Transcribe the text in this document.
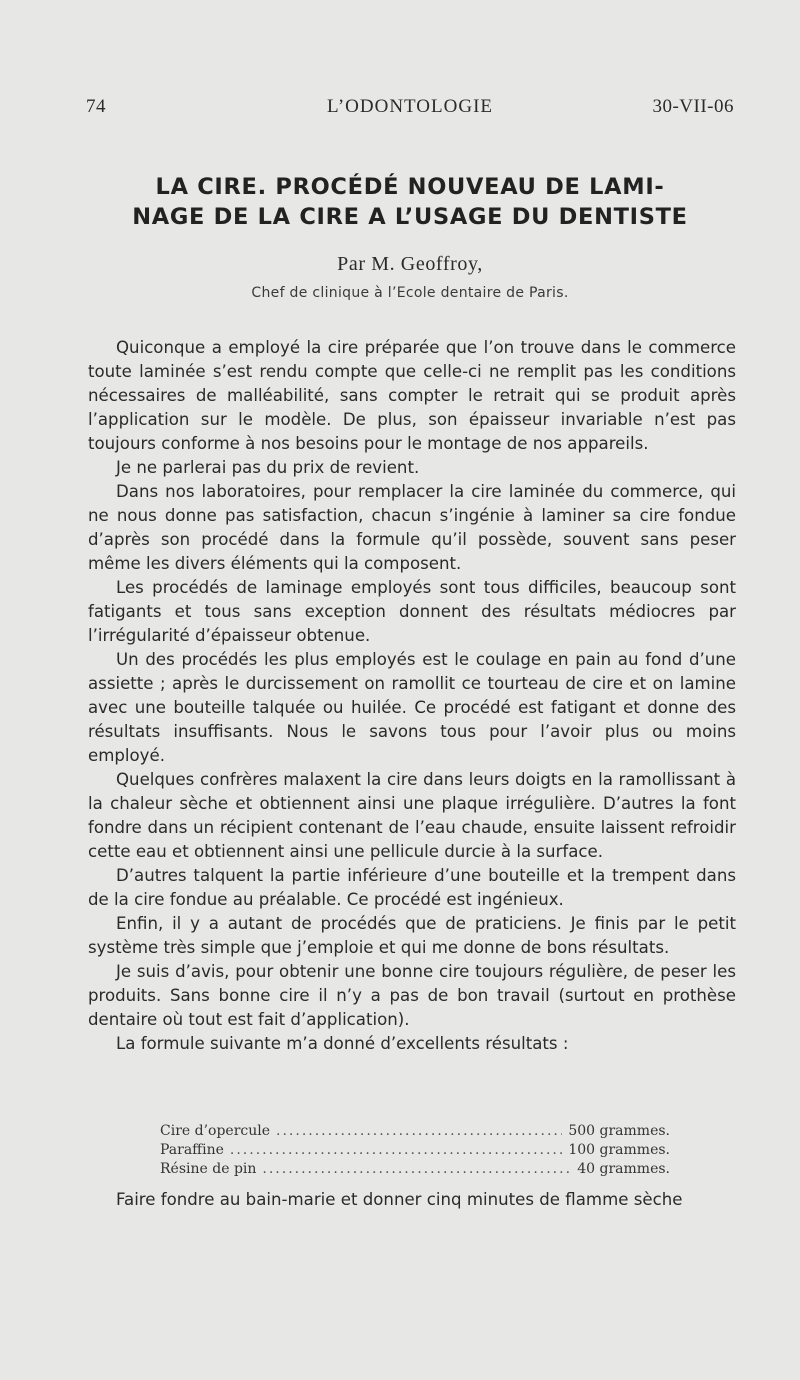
74	L’ODONTOLOGIE	30-VII-06
LA CIRE. PROCÉDÉ NOUVEAU DE LAMI-
NAGE DE LA CIRE A L’USAGE DU DENTISTE
Par M. Geoffroy,
Chef de clinique à l’Ecole dentaire de Paris.

Quiconque a employé la cire préparée que l’on trouve dans le commerce toute laminée s’est rendu compte que celle-ci ne remplit pas les conditions nécessaires de malléabilité, sans compter le retrait qui se produit après l’application sur le modèle. De plus, son épaisseur invariable n’est pas toujours conforme à nos besoins pour le montage de nos appareils.

Je ne parlerai pas du prix de revient.

Dans nos laboratoires, pour remplacer la cire laminée du commerce, qui ne nous donne pas satisfaction, chacun s’ingénie à laminer sa cire fondue d’après son procédé dans la formule qu’il possède, souvent sans peser même les divers éléments qui la composent.

Les procédés de laminage employés sont tous difficiles, beaucoup sont fatigants et tous sans exception donnent des résultats médiocres par l’irrégularité d’épaisseur obtenue.

Un des procédés les plus employés est le coulage en pain au fond d’une assiette ; après le durcissement on ramollit ce tourteau de cire et on lamine avec une bouteille talquée ou huilée. Ce procédé est fatigant et donne des résultats insuffisants. Nous le savons tous pour l’avoir plus ou moins employé.

Quelques confrères malaxent la cire dans leurs doigts en la ramollissant à la chaleur sèche et obtiennent ainsi une plaque irrégulière. D’autres la font fondre dans un récipient contenant de l’eau chaude, ensuite laissent refroidir cette eau et obtiennent ainsi une pellicule durcie à la surface.

D’autres talquent la partie inférieure d’une bouteille et la trempent dans de la cire fondue au préalable. Ce procédé est ingénieux.

Enfin, il y a autant de procédés que de praticiens. Je finis par le petit système très simple que j’emploie et qui me donne de bons résultats.

Je suis d’avis, pour obtenir une bonne cire toujours régulière, de peser les produits. Sans bonne cire il n’y a pas de bon travail (surtout en prothèse dentaire où tout est fait d’application).

La formule suivante m’a donné d’excellents résultats :

Cire d’opercule .....	500 grammes.
Paraffine .....	100 grammes.
Résine de pin .....	40 grammes.
Faire fondre au bain-marie et donner cinq minutes de flamme sèche
